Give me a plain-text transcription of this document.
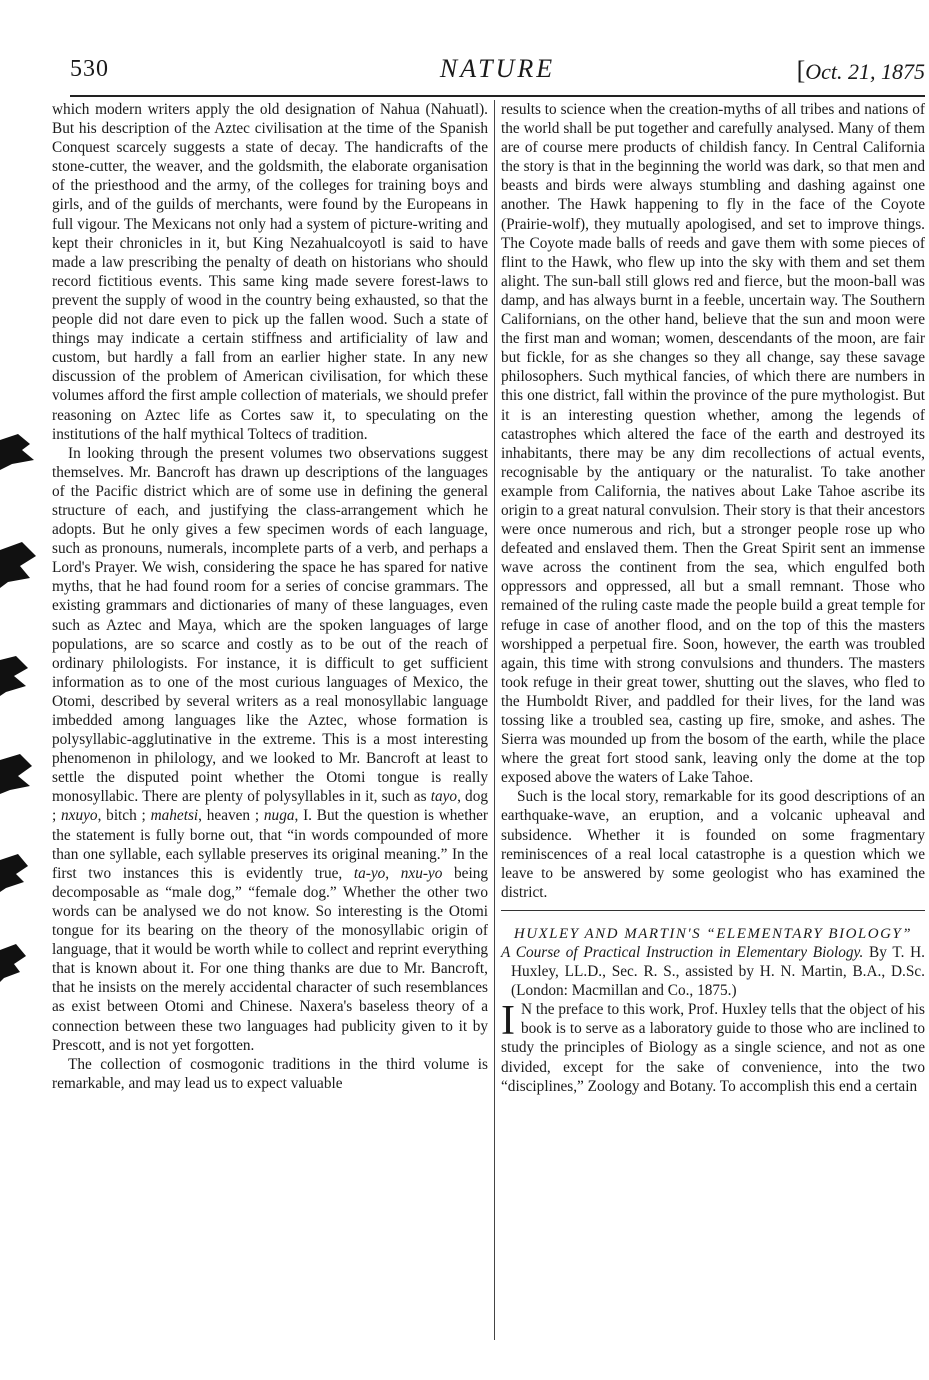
530	NATURE	[Oct. 21, 1875

which modern writers apply the old designation of Nahua (Nahuatl). But his description of the Aztec civilisation at the time of the Spanish Conquest scarcely suggests a state of decay. The handicrafts of the stone-cutter, the weaver, and the goldsmith, the elaborate organisation of the priesthood and the army, of the colleges for training boys and girls, and of the guilds of merchants, were found by the Europeans in full vigour. The Mexicans not only had a system of picture-writing and kept their chronicles in it, but King Nezahualcoyotl is said to have made a law prescribing the penalty of death on historians who should record fictitious events. This same king made severe forest-laws to prevent the supply of wood in the country being exhausted, so that the people did not dare even to pick up the fallen wood. Such a state of things may indicate a certain stiffness and artificiality of law and custom, but hardly a fall from an earlier higher state. In any new discussion of the problem of American civilisation, for which these volumes afford the first ample collection of materials, we should prefer reasoning on Aztec life as Cortes saw it, to speculating on the institutions of the half mythical Toltecs of tradition.

In looking through the present volumes two observations suggest themselves. Mr. Bancroft has drawn up descriptions of the languages of the Pacific district which are of some use in defining the general structure of each, and justifying the class-arrangement which he adopts. But he only gives a few specimen words of each language, such as pronouns, numerals, incomplete parts of a verb, and perhaps a Lord's Prayer. We wish, considering the space he has spared for native myths, that he had found room for a series of concise grammars. The existing grammars and dictionaries of many of these languages, even such as Aztec and Maya, which are the spoken languages of large populations, are so scarce and costly as to be out of the reach of ordinary philologists. For instance, it is difficult to get sufficient information as to one of the most curious languages of Mexico, the Otomi, described by several writers as a real monosyllabic language imbedded among languages like the Aztec, whose formation is polysyllabic-agglutinative in the extreme. This is a most interesting phenomenon in philology, and we looked to Mr. Bancroft at least to settle the disputed point whether the Otomi tongue is really monosyllabic. There are plenty of polysyllables in it, such as tayo, dog ; nxuyo, bitch ; mahetsi, heaven ; nuga, I. But the question is whether the statement is fully borne out, that “in words compounded of more than one syllable, each syllable preserves its original meaning.” In the first two instances this is evidently true, ta-yo, nxu-yo being decomposable as “male dog,” “female dog.” Whether the other two words can be analysed we do not know. So interesting is the Otomi tongue for its bearing on the theory of the monosyllabic origin of language, that it would be worth while to collect and reprint everything that is known about it. For one thing thanks are due to Mr. Bancroft, that he insists on the merely accidental character of such resemblances as exist between Otomi and Chinese. Naxera's baseless theory of a connection between these two languages had publicity given to it by Prescott, and is not yet forgotten.

The collection of cosmogonic traditions in the third volume is remarkable, and may lead us to expect valuable

results to science when the creation-myths of all tribes and nations of the world shall be put together and carefully analysed. Many of them are of course mere products of childish fancy. In Central California the story is that in the beginning the world was dark, so that men and beasts and birds were always stumbling and dashing against one another. The Hawk happening to fly in the face of the Coyote (Prairie-wolf), they mutually apologised, and set to improve things. The Coyote made balls of reeds and gave them with some pieces of flint to the Hawk, who flew up into the sky with them and set them alight. The sun-ball still glows red and fierce, but the moon-ball was damp, and has always burnt in a feeble, uncertain way. The Southern Californians, on the other hand, believe that the sun and moon were the first man and woman; women, descendants of the moon, are fair but fickle, for as she changes so they all change, say these savage philosophers. Such mythical fancies, of which there are numbers in this one district, fall within the province of the pure mythologist. But it is an interesting question whether, among the legends of catastrophes which altered the face of the earth and destroyed its inhabitants, there may be any dim recollections of actual events, recognisable by the antiquary or the naturalist. To take another example from California, the natives about Lake Tahoe ascribe its origin to a great natural convulsion. Their story is that their ancestors were once numerous and rich, but a stronger people rose up who defeated and enslaved them. Then the Great Spirit sent an immense wave across the continent from the sea, which engulfed both oppressors and oppressed, all but a small remnant. Those who remained of the ruling caste made the people build a great temple for refuge in case of another flood, and on the top of this the masters worshipped a perpetual fire. Soon, however, the earth was troubled again, this time with strong convulsions and thunders. The masters took refuge in their great tower, shutting out the slaves, who fled to the Humboldt River, and paddled for their lives, for the land was tossing like a troubled sea, casting up fire, smoke, and ashes. The Sierra was mounded up from the bosom of the earth, while the place where the great fort stood sank, leaving only the dome at the top exposed above the waters of Lake Tahoe.

Such is the local story, remarkable for its good descriptions of an earthquake-wave, an eruption, and a volcanic upheaval and subsidence. Whether it is founded on some fragmentary reminiscences of a real local catastrophe is a question which we leave to be answered by some geologist who has examined the district.

HUXLEY AND MARTIN'S “ELEMENTARY BIOLOGY”

A Course of Practical Instruction in Elementary Biology. By T. H. Huxley, LL.D., Sec. R. S., assisted by H. N. Martin, B.A., D.Sc. (London: Macmillan and Co., 1875.)

I N the preface to this work, Prof. Huxley tells that the object of his book is to serve as a laboratory guide to those who are inclined to study the principles of Biology as a single science, and not as one divided, except for the sake of convenience, into the two “disciplines,” Zoology and Botany. To accomplish this end a certain
